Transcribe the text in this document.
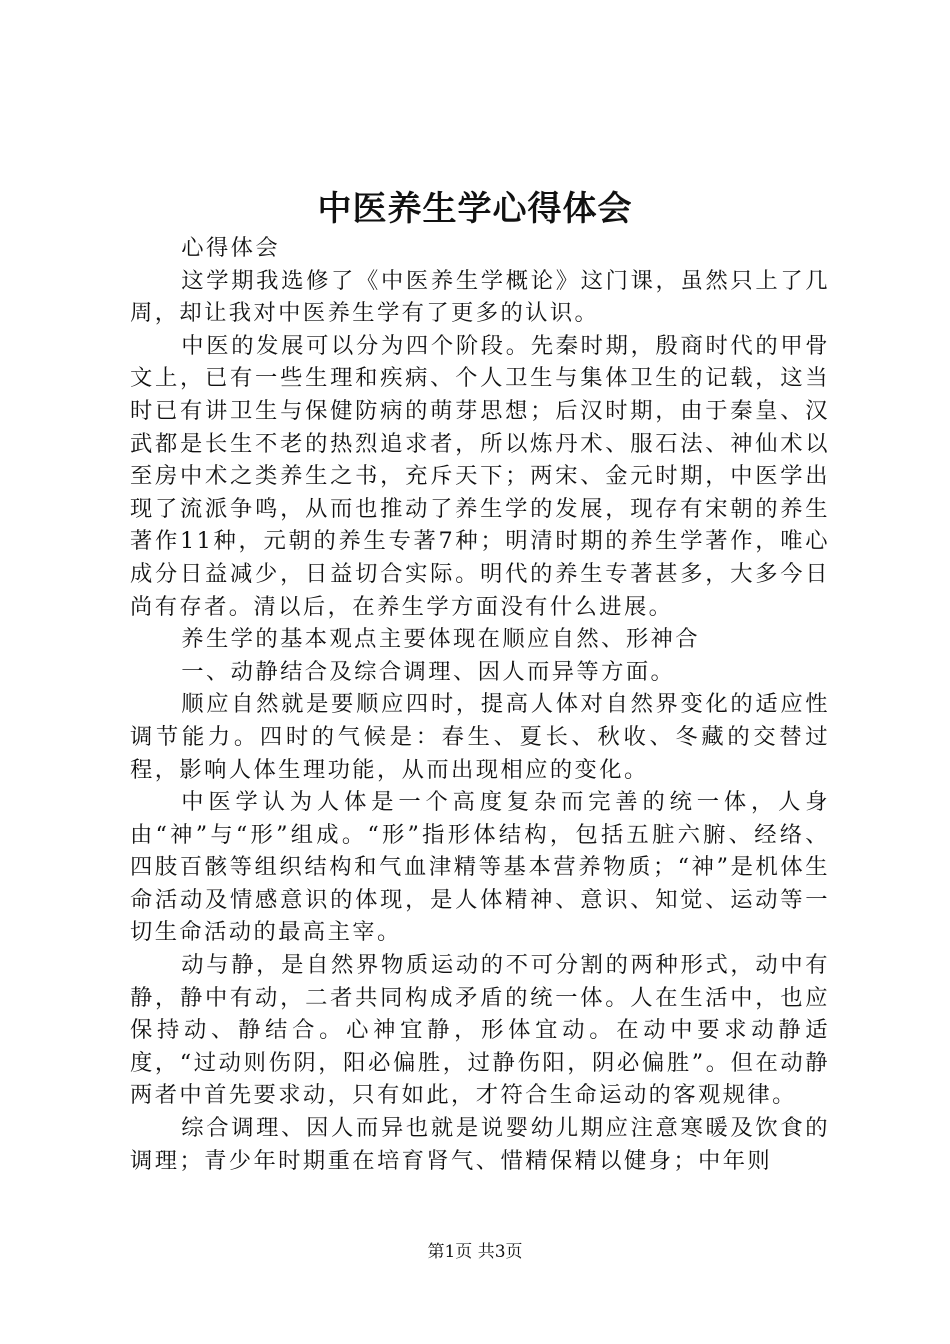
中医养生学心得体会

心得体会

这学期我选修了《中医养生学概论》这门课，虽然只上了几周，却让我对中医养生学有了更多的认识。

中医的发展可以分为四个阶段。先秦时期，殷商时代的甲骨文上，已有一些生理和疾病、个人卫生与集体卫生的记载，这当时已有讲卫生与保健防病的萌芽思想；后汉时期，由于秦皇、汉武都是长生不老的热烈追求者，所以炼丹术、服石法、神仙术以至房中术之类养生之书，充斥天下；两宋、金元时期，中医学出现了流派争鸣，从而也推动了养生学的发展，现存有宋朝的养生著作11种，元朝的养生专著7种；明清时期的养生学著作，唯心成分日益减少，日益切合实际。明代的养生专著甚多，大多今日尚有存者。清以后，在养生学方面没有什么进展。

养生学的基本观点主要体现在顺应自然、形神合

一、动静结合及综合调理、因人而异等方面。

顺应自然就是要顺应四时，提高人体对自然界变化的适应性调节能力。四时的气候是：春生、夏长、秋收、冬藏的交替过程，影响人体生理功能，从而出现相应的变化。

中医学认为人体是一个高度复杂而完善的统一体，人身由“神”与“形”组成。“形”指形体结构，包括五脏六腑、经络、四肢百骸等组织结构和气血津精等基本营养物质；“神”是机体生命活动及情感意识的体现，是人体精神、意识、知觉、运动等一切生命活动的最高主宰。

动与静，是自然界物质运动的不可分割的两种形式，动中有静，静中有动，二者共同构成矛盾的统一体。人在生活中，也应保持动、静结合。心神宜静，形体宜动。在动中要求动静适度，“过动则伤阴，阳必偏胜，过静伤阳，阴必偏胜”。但在动静两者中首先要求动，只有如此，才符合生命运动的客观规律。

综合调理、因人而异也就是说婴幼儿期应注意寒暖及饮食的调理；青少年时期重在培育肾气、惜精保精以健身；中年则

第1页 共3页
